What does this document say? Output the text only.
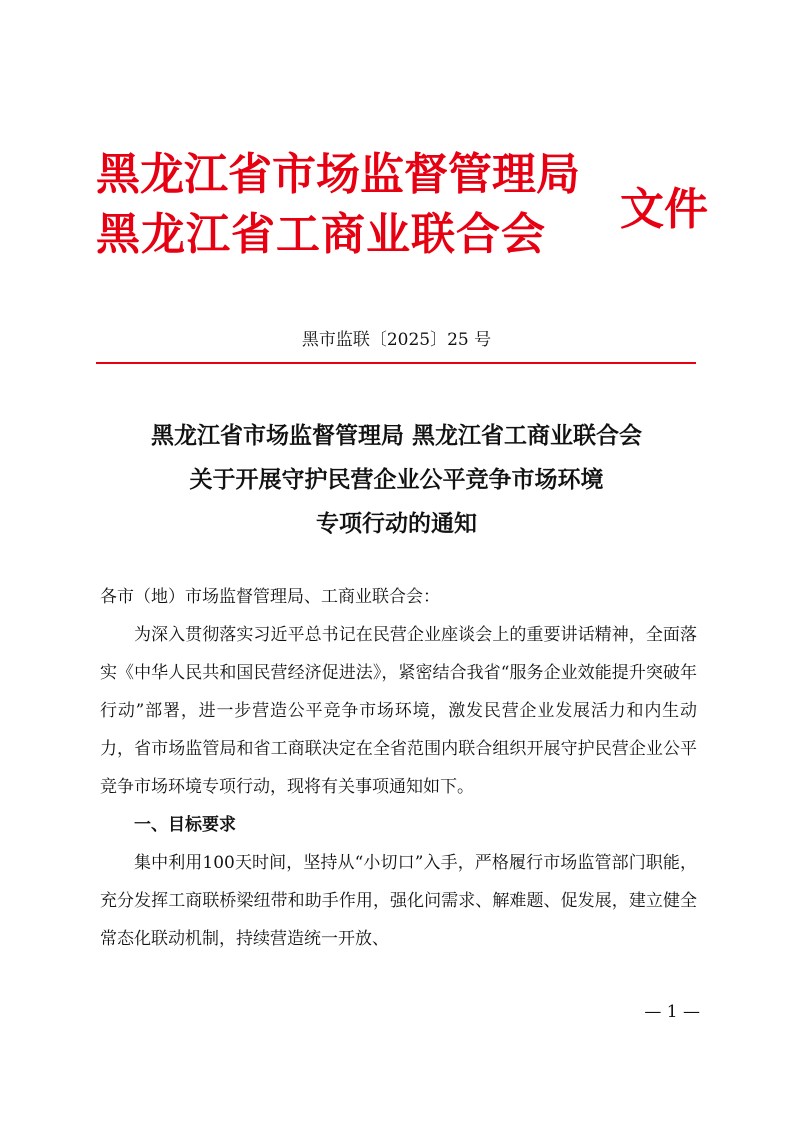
黑龙江省市场监督管理局
黑龙江省工商业联合会	文件
黑市监联〔2025〕25 号
黑龙江省市场监督管理局 黑龙江省工商业联合会
关于开展守护民营企业公平竞争市场环境
专项行动的通知

各市（地）市场监督管理局、工商业联合会：

为深入贯彻落实习近平总书记在民营企业座谈会上的重要讲话精神，全面落实《中华人民共和国民营经济促进法》，紧密结合我省“服务企业效能提升突破年行动”部署，进一步营造公平竞争市场环境，激发民营企业发展活力和内生动力，省市场监管局和省工商联决定在全省范围内联合组织开展守护民营企业公平竞争市场环境专项行动，现将有关事项通知如下。

一、目标要求

集中利用100天时间，坚持从“小切口”入手，严格履行市场监管部门职能，充分发挥工商联桥梁纽带和助手作用，强化问需求、解难题、促发展，建立健全常态化联动机制，持续营造统一开放、

— 1 —
